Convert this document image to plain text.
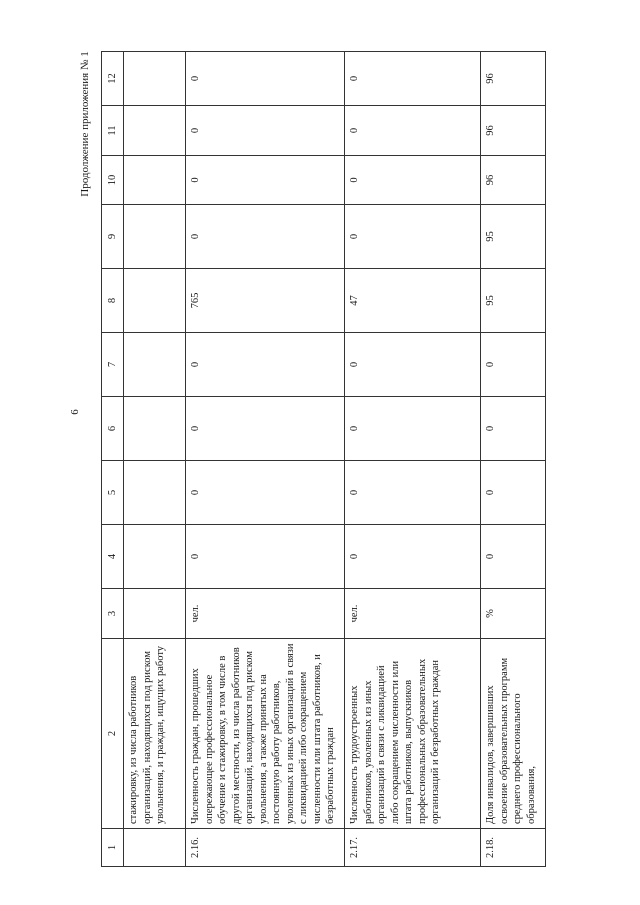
6
Продолжение приложения № 1
1	2	3	4	5	6	7	8	9	10	11	12
	стажировку, из числа работников организаций, находящихся под риском увольнения, и граждан, ищущих работу										
2.16.	Численность граждан, прошедших опережающее профессиональное обучение и стажировку, в том числе в другой местности, из числа работников организаций, находящихся под риском увольнения, а также принятых на постоянную работу работников, уволенных из иных организаций в связи с ликвидацией либо сокращением численности или штата работников, и безработных граждан	чел.	0	0	0	0	765	0	0	0	0
2.17.	Численность трудоустроенных работников, уволенных из иных организаций в связи с ликвидацией либо сокращением численности или штата работников, выпускников профессиональных образовательных организаций и безработных граждан	чел.	0	0	0	0	47	0	0	0	0
2.18.	Доля инвалидов, завершивших освоение образовательных программ среднего профессионального образования,	%	0	0	0	0	95	95	96	96	96
